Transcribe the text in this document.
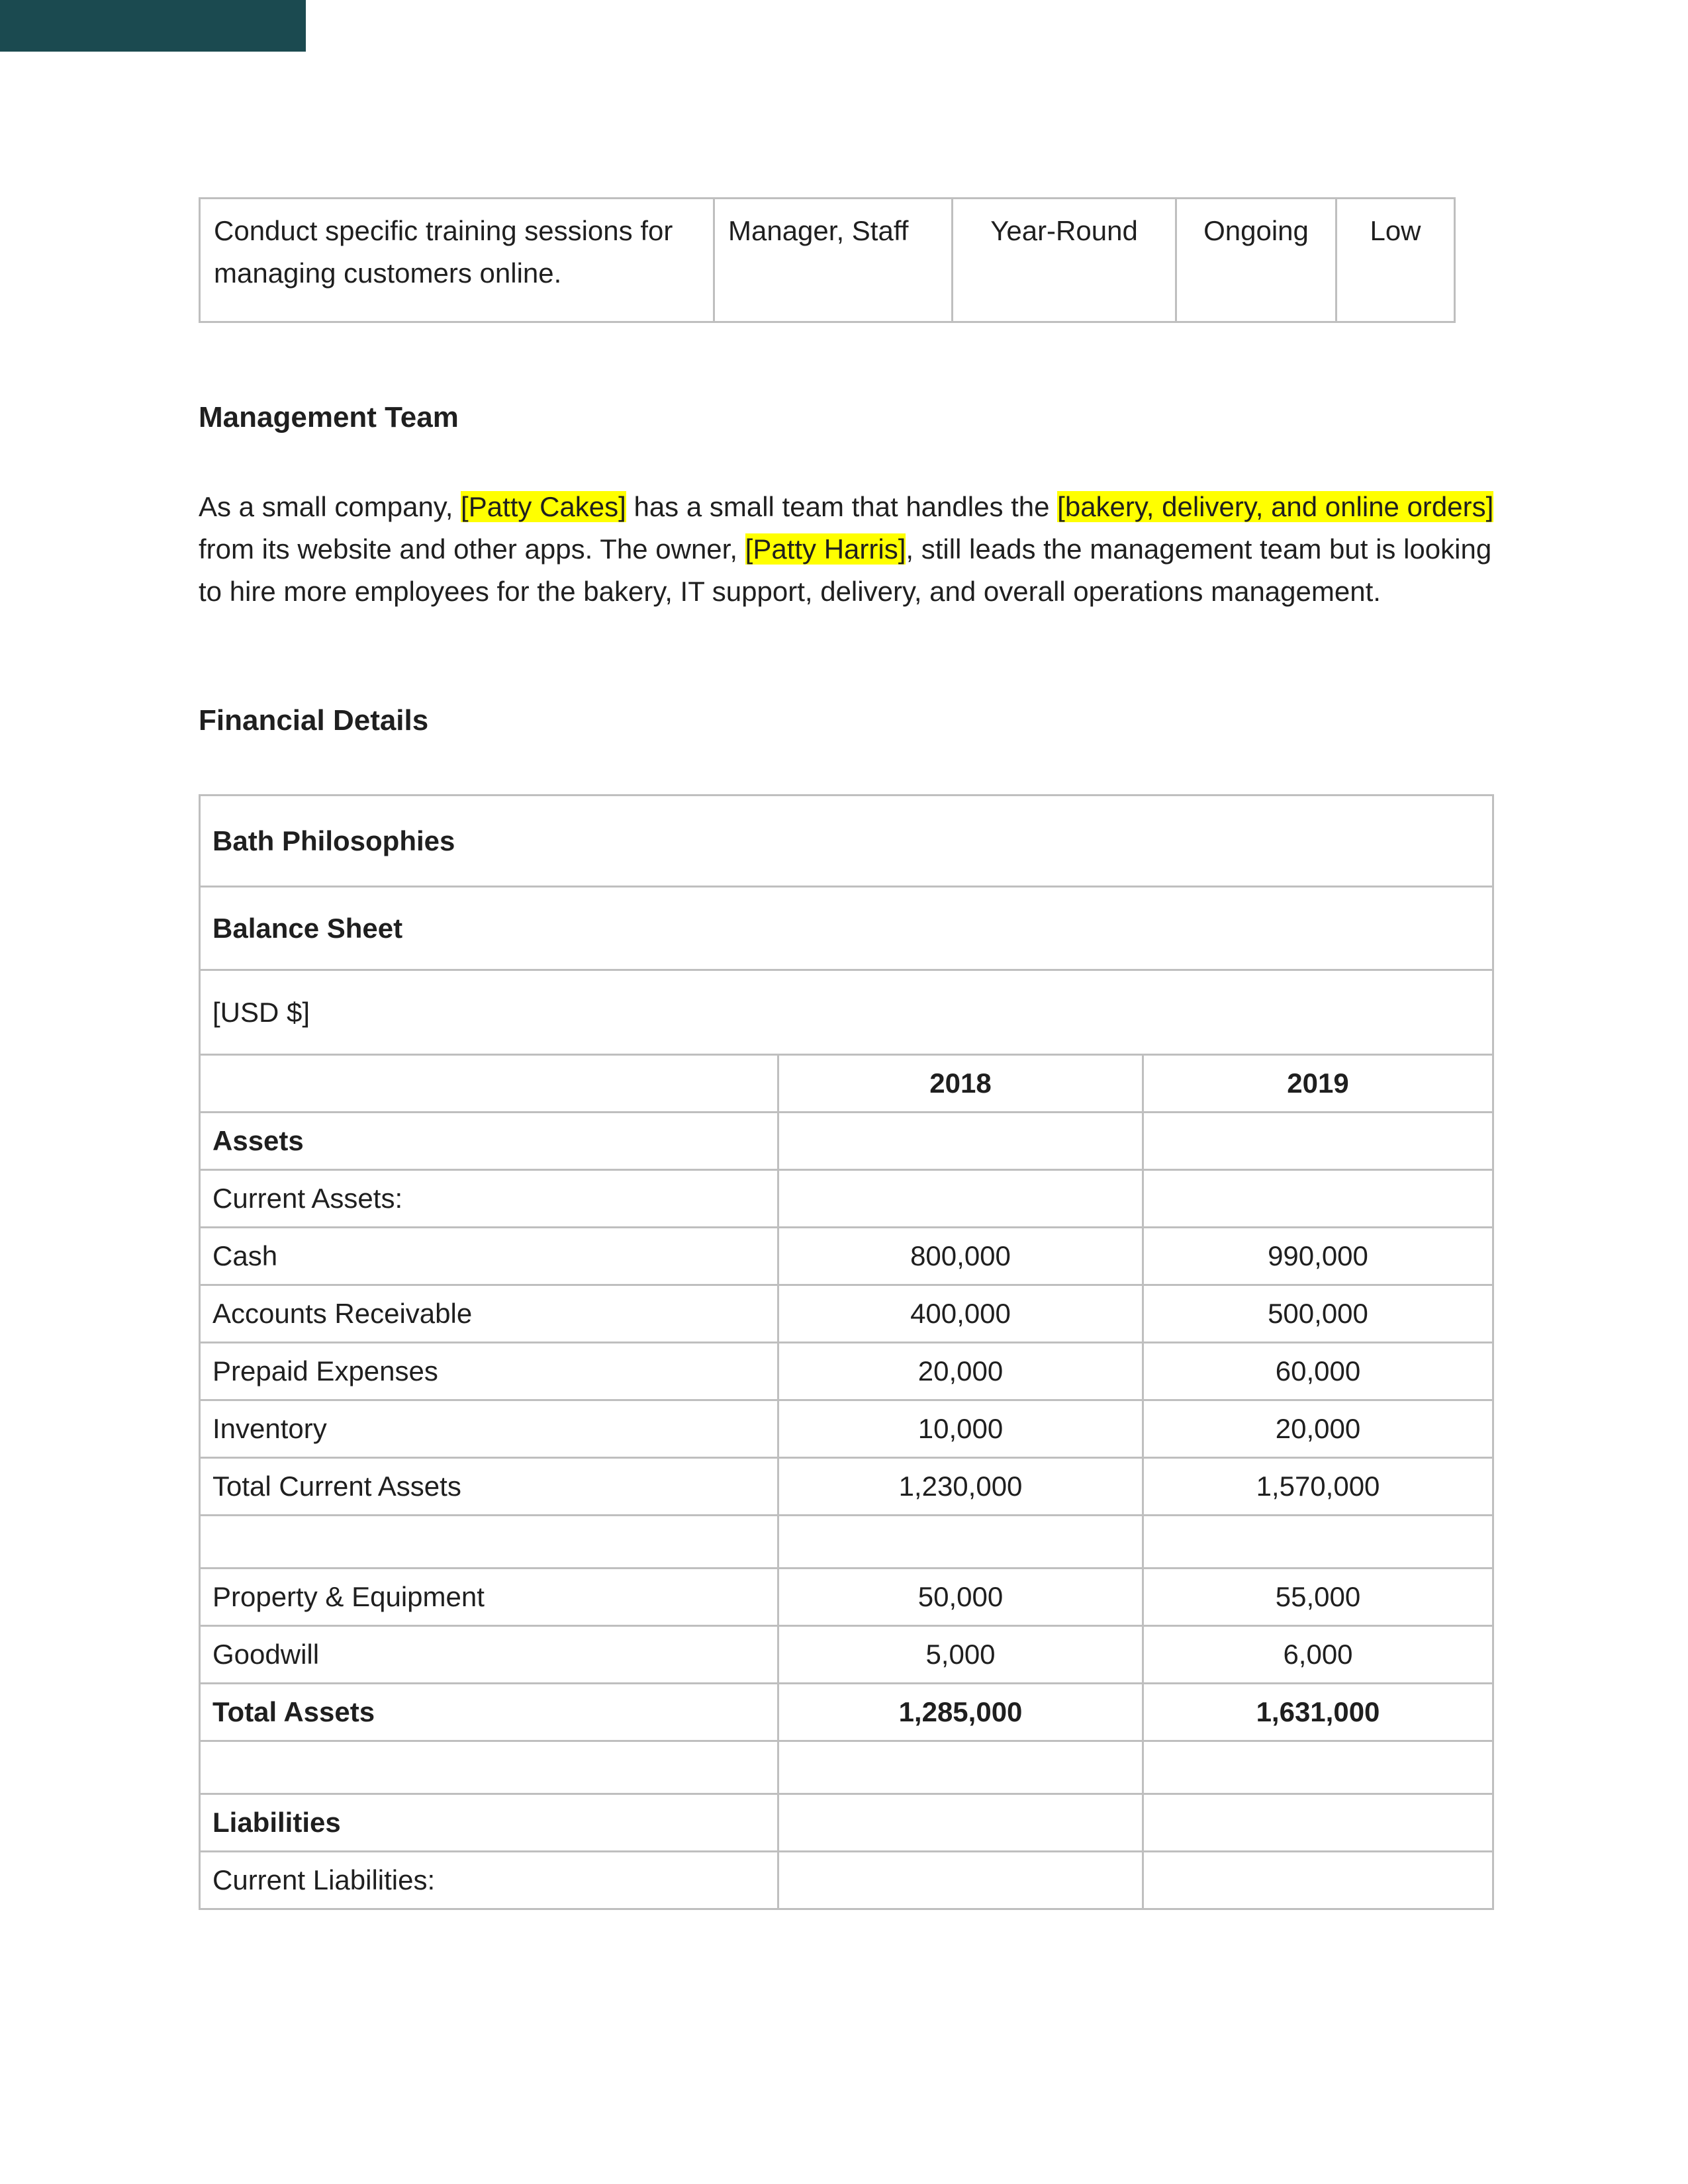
Conduct specific training sessions for managing customers online.	Manager, Staff	Year-Round	Ongoing	Low
Management Team

As a small company, [Patty Cakes] has a small team that handles the [bakery, delivery, and online orders] from its website and other apps. The owner, [Patty Harris], still leads the management team but is looking to hire more employees for the bakery, IT support, delivery, and overall operations management.

Financial Details
Bath Philosophies		
Balance Sheet		
[USD $]		
	2018	2019
Assets		
Current Assets:		
Cash	800,000	990,000
Accounts Receivable	400,000	500,000
Prepaid Expenses	20,000	60,000
Inventory	10,000	20,000
Total Current Assets	1,230,000	1,570,000

Property & Equipment	50,000	55,000
Goodwill	5,000	6,000
Total Assets	1,285,000	1,631,000

Liabilities		
Current Liabilities:		
